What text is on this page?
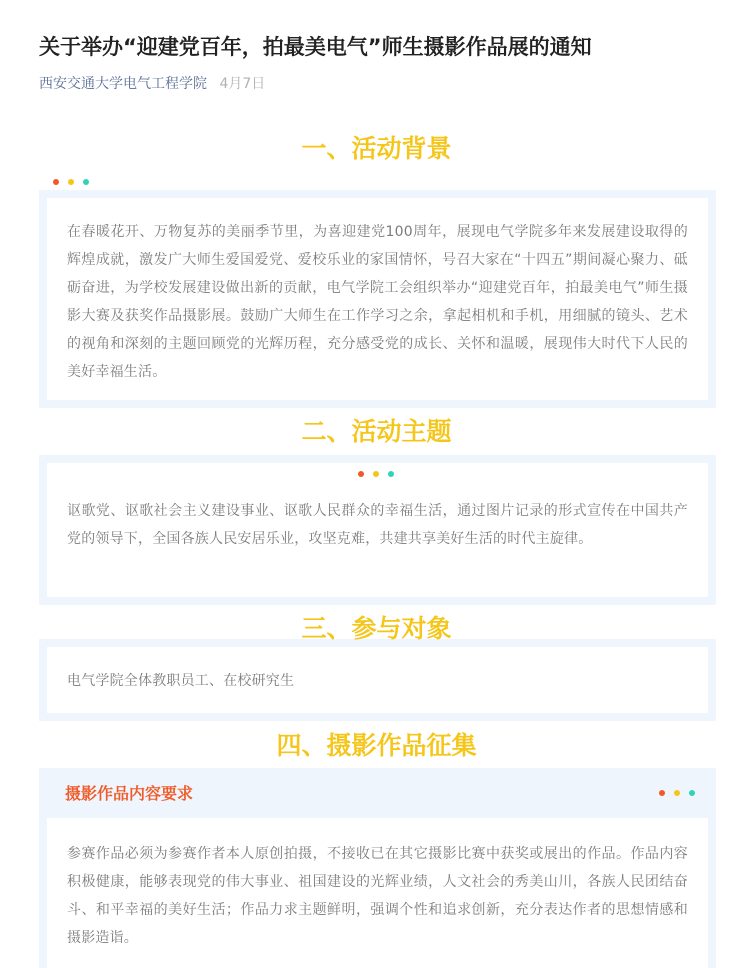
关于举办“迎建党百年，拍最美电气”师生摄影作品展的通知
西安交通大学电气工程学院 4月7日
一、活动背景

在春暖花开、万物复苏的美丽季节里，为喜迎建党100周年，展现电气学院多年来发展建设取得的辉煌成就，激发广大师生爱国爱党、爱校乐业的家国情怀，号召大家在“十四五”期间凝心聚力、砥砺奋进，为学校发展建设做出新的贡献，电气学院工会组织举办“迎建党百年，拍最美电气”师生摄影大赛及获奖作品摄影展。鼓励广大师生在工作学习之余，拿起相机和手机，用细腻的镜头、艺术的视角和深刻的主题回顾党的光辉历程，充分感受党的成长、关怀和温暖，展现伟大时代下人民的美好幸福生活。

二、活动主题

讴歌党、讴歌社会主义建设事业、讴歌人民群众的幸福生活，通过图片记录的形式宣传在中国共产党的领导下，全国各族人民安居乐业，攻坚克难，共建共享美好生活的时代主旋律。

电气学院全体教职员工、在校研究生

三、参与对象
四、摄影作品征集
摄影作品内容要求

参赛作品必须为参赛作者本人原创拍摄，不接收已在其它摄影比赛中获奖或展出的作品。作品内容积极健康，能够表现党的伟大事业、祖国建设的光辉业绩，人文社会的秀美山川，各族人民团结奋斗、和平幸福的美好生活；作品力求主题鲜明，强调个性和追求创新，充分表达作者的思想情感和摄影造诣。
